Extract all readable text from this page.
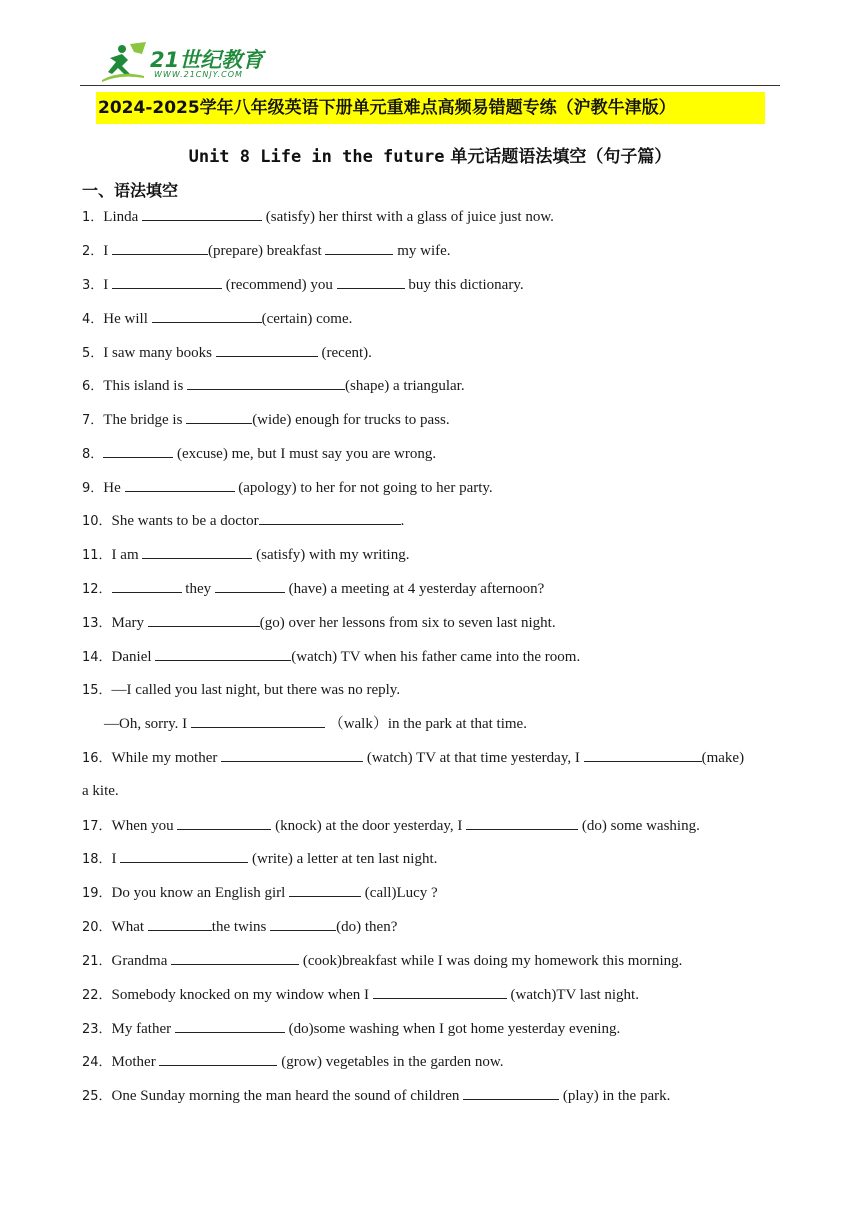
21世纪教育
WWW.21CNJY.COM
2024-2025学年八年级英语下册单元重难点高频易错题专练（沪教牛津版）
Unit 8 Life in the future 单元话题语法填空（句子篇）
一、语法填空
1．Linda	(satisfy) her thirst with a glass of juice just now.
2．I	(prepare) breakfast	my wife.
3．I	(recommend) you	buy this dictionary.
4．He will	(certain) come.
5．I saw many books	(recent).
6．This island is	(shape) a triangular.
7．The bridge is	(wide) enough for trucks to pass.
8．	(excuse) me, but I must say you are wrong.
9．He	(apology) to her for not going to her party.
10．She wants to be a doctor	.
11．I am	(satisfy) with my writing.
12．	they	(have) a meeting at 4 yesterday afternoon?
13．Mary	(go) over her lessons from six to seven last night.
14．Daniel	(watch) TV when his father came into the room.
15．—I called you last night, but there was no reply.
—Oh, sorry. I	（walk）in the park at that time.
16．While my mother	(watch) TV at that time yesterday, I	(make)
a kite.
17．When you	(knock) at the door yesterday, I	(do) some washing.
18．I	(write) a letter at ten last night.
19．Do you know an English girl	(call)Lucy ?
20．What	the twins	(do) then?
21．Grandma	(cook)breakfast while I was doing my homework this morning.
22．Somebody knocked on my window when I	(watch)TV last night.
23．My father	(do)some washing when I got home yesterday evening.
24．Mother	(grow) vegetables in the garden now.
25．One Sunday morning the man heard the sound of children	(play) in the park.
